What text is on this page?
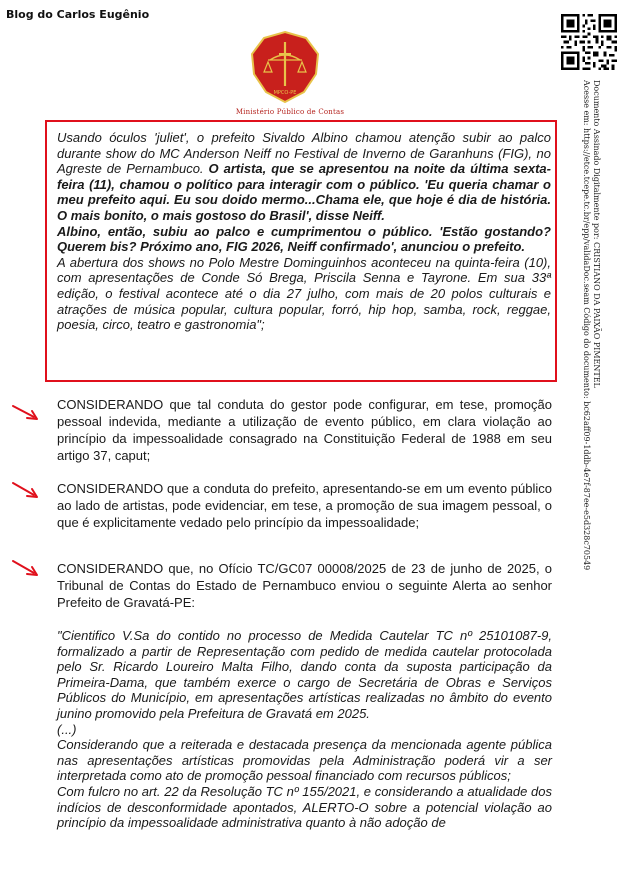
Blog do Carlos Eugênio
Documento Assinado Digitalmente por: CRISTIANO DA PAIXÃO PIMENTEL
Acesse em: https://etce.tcepe.tc.br/epp/validaDoc.seam Código do documento: bc62aff09-1ddb-4e7f-87ee-e5d328c70549
MPCO-PE
Ministério Público de Contas

Usando óculos 'juliet', o prefeito Sivaldo Albino chamou atenção subir ao palco durante show do MC Anderson Neiff no Festival de Inverno de Garanhuns (FIG), no Agreste de Pernambuco. O artista, que se apresentou na noite da última sexta-feira (11), chamou o político para interagir com o público. 'Eu queria chamar o meu prefeito aqui. Eu sou doido mermo...Chama ele, que hoje é dia de história. O mais bonito, o mais gostoso do Brasil', disse Neiff.

Albino, então, subiu ao palco e cumprimentou o público. 'Estão gostando? Querem bis? Próximo ano, FIG 2026, Neiff confirmado', anunciou o prefeito.

A abertura dos shows no Polo Mestre Dominguinhos aconteceu na quinta-feira (10), com apresentações de Conde Só Brega, Priscila Senna e Tayrone. Em sua 33ª edição, o festival acontece até o dia 27 julho, com mais de 20 polos culturais e atrações de música popular, cultura popular, forró, hip hop, samba, rock, reggae, poesia, circo, teatro e gastronomia";

CONSIDERANDO que tal conduta do gestor pode configurar, em tese, promoção pessoal indevida, mediante a utilização de evento público, em clara violação ao princípio da impessoalidade consagrado na Constituição Federal de 1988 em seu artigo 37, caput;
CONSIDERANDO que a conduta do prefeito, apresentando-se em um evento público ao lado de artistas, pode evidenciar, em tese, a promoção de sua imagem pessoal, o que é explicitamente vedado pelo princípio da impessoalidade;
CONSIDERANDO que, no Ofício TC/GC07 00008/2025 de 23 de junho de 2025, o Tribunal de Contas do Estado de Pernambuco enviou o seguinte Alerta ao senhor Prefeito de Gravatá-PE:

"Cientifico V.Sa do contido no processo de Medida Cautelar TC nº 25101087-9, formalizado a partir de Representação com pedido de medida cautelar protocolada pelo Sr. Ricardo Loureiro Malta Filho, dando conta da suposta participação da Primeira-Dama, que também exerce o cargo de Secretária de Obras e Serviços Públicos do Município, em apresentações artísticas realizadas no âmbito do evento junino promovido pela Prefeitura de Gravatá em 2025.

(...)

Considerando que a reiterada e destacada presença da mencionada agente pública nas apresentações artísticas promovidas pela Administração poderá vir a ser interpretada como ato de promoção pessoal financiado com recursos públicos;

Com fulcro no art. 22 da Resolução TC nº 155/2021, e considerando a atualidade dos indícios de desconformidade apontados, ALERTO-O sobre a potencial violação ao princípio da impessoalidade administrativa quanto à não adoção de
